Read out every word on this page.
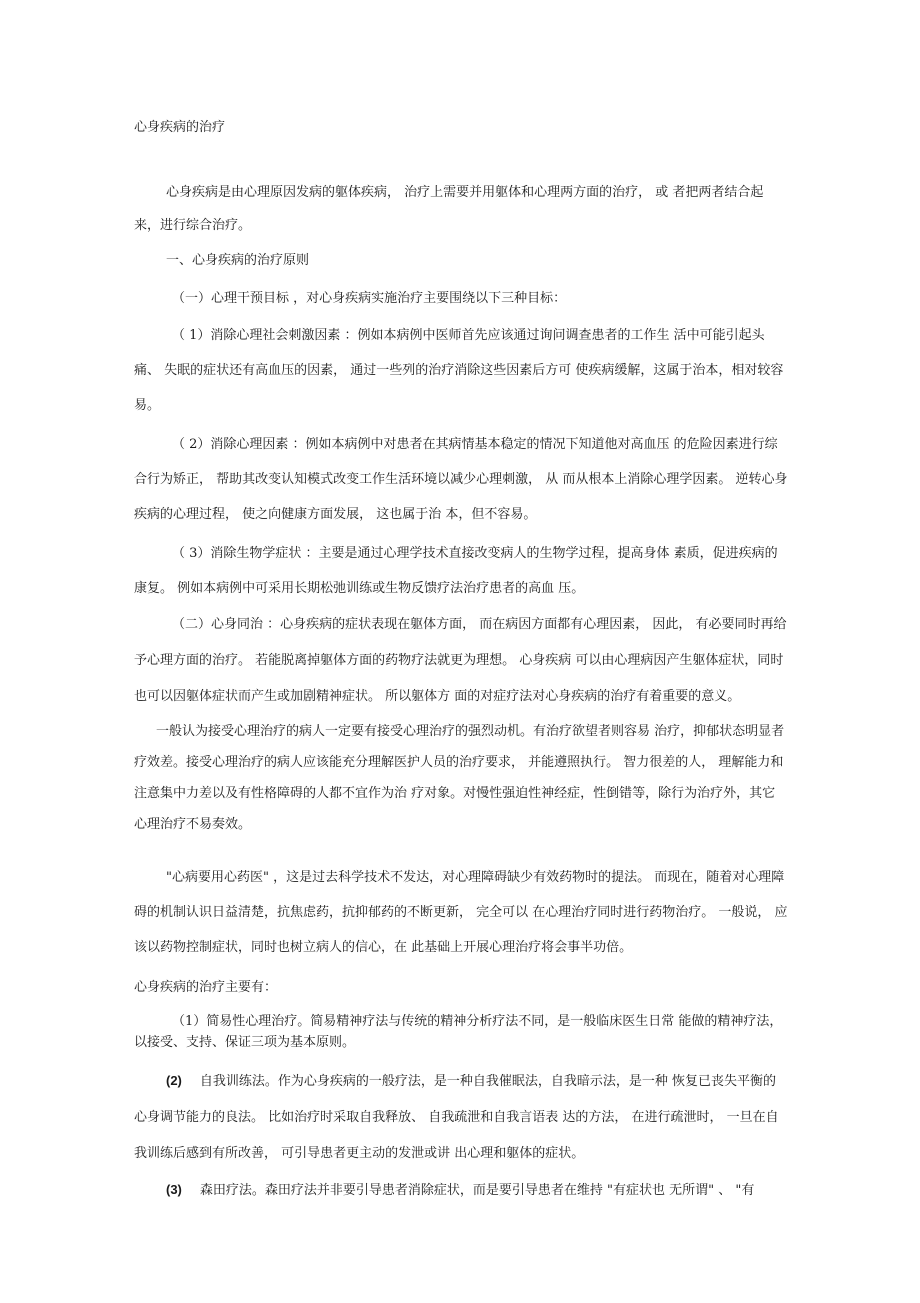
心身疾病的治疗
心身疾病是由心理原因发病的躯体疾病， 治疗上需要并用躯体和心理两方面的治疗， 或 者把两者结合起来，进行综合治疗。
一、心身疾病的治疗原则
（一）心理干预目标 ，对心身疾病实施治疗主要围绕以下三种目标：
（ 1）消除心理社会刺激因素 ：例如本病例中医师首先应该通过询问调查患者的工作生 活中可能引起头痛、 失眠的症状还有高血压的因素， 通过一些列的治疗消除这些因素后方可 使疾病缓解，这属于治本，相对较容易。
（ 2）消除心理因素 ：例如本病例中对患者在其病情基本稳定的情况下知道他对高血压 的危险因素进行综合行为矫正， 帮助其改变认知模式改变工作生活环境以减少心理刺激， 从 而从根本上消除心理学因素。 逆转心身疾病的心理过程， 使之向健康方面发展， 这也属于治 本，但不容易。
（ 3）消除生物学症状 ：主要是通过心理学技术直接改变病人的生物学过程，提高身体 素质，促进疾病的康复。 例如本病例中可采用长期松弛训练或生物反馈疗法治疗患者的高血 压。
（二）心身同治 ：心身疾病的症状表现在躯体方面， 而在病因方面都有心理因素， 因此， 有必要同时再给予心理方面的治疗。 若能脱离掉躯体方面的药物疗法就更为理想。 心身疾病 可以由心理病因产生躯体症状，同时也可以因躯体症状而产生或加剧精神症状。 所以躯体方 面的对症疗法对心身疾病的治疗有着重要的意义。
一般认为接受心理治疗的病人一定要有接受心理治疗的强烈动机。有治疗欲望者则容易 治疗，抑郁状态明显者疗效差。接受心理治疗的病人应该能充分理解医护人员的治疗要求， 并能遵照执行。 智力很差的人， 理解能力和注意集中力差以及有性格障碍的人都不宜作为治 疗对象。对慢性强迫性神经症，性倒错等，除行为治疗外，其它心理治疗不易奏效。
"心病要用心药医" ，这是过去科学技术不发达，对心理障碍缺少有效药物时的提法。 而现在，随着对心理障碍的机制认识日益清楚，抗焦虑药，抗抑郁药的不断更新， 完全可以 在心理治疗同时进行药物治疗。 一般说， 应该以药物控制症状，同时也树立病人的信心，在 此基础上开展心理治疗将会事半功倍。
心身疾病的治疗主要有：
（1）简易性心理治疗。简易精神疗法与传统的精神分析疗法不同，是一般临床医生日常 能做的精神疗法，以接受、支持、保证三项为基本原则。
(2) 自我训练法。作为心身疾病的一般疗法，是一种自我催眠法，自我暗示法，是一种 恢复已丧失平衡的心身调节能力的良法。 比如治疗时采取自我释放、 自我疏泄和自我言语表 达的方法， 在进行疏泄时， 一旦在自我训练后感到有所改善， 可引导患者更主动的发泄或讲 出心理和躯体的症状。
(3) 森田疗法。森田疗法并非要引导患者消除症状，而是要引导患者在维持 "有症状也 无所谓" 、 "有
